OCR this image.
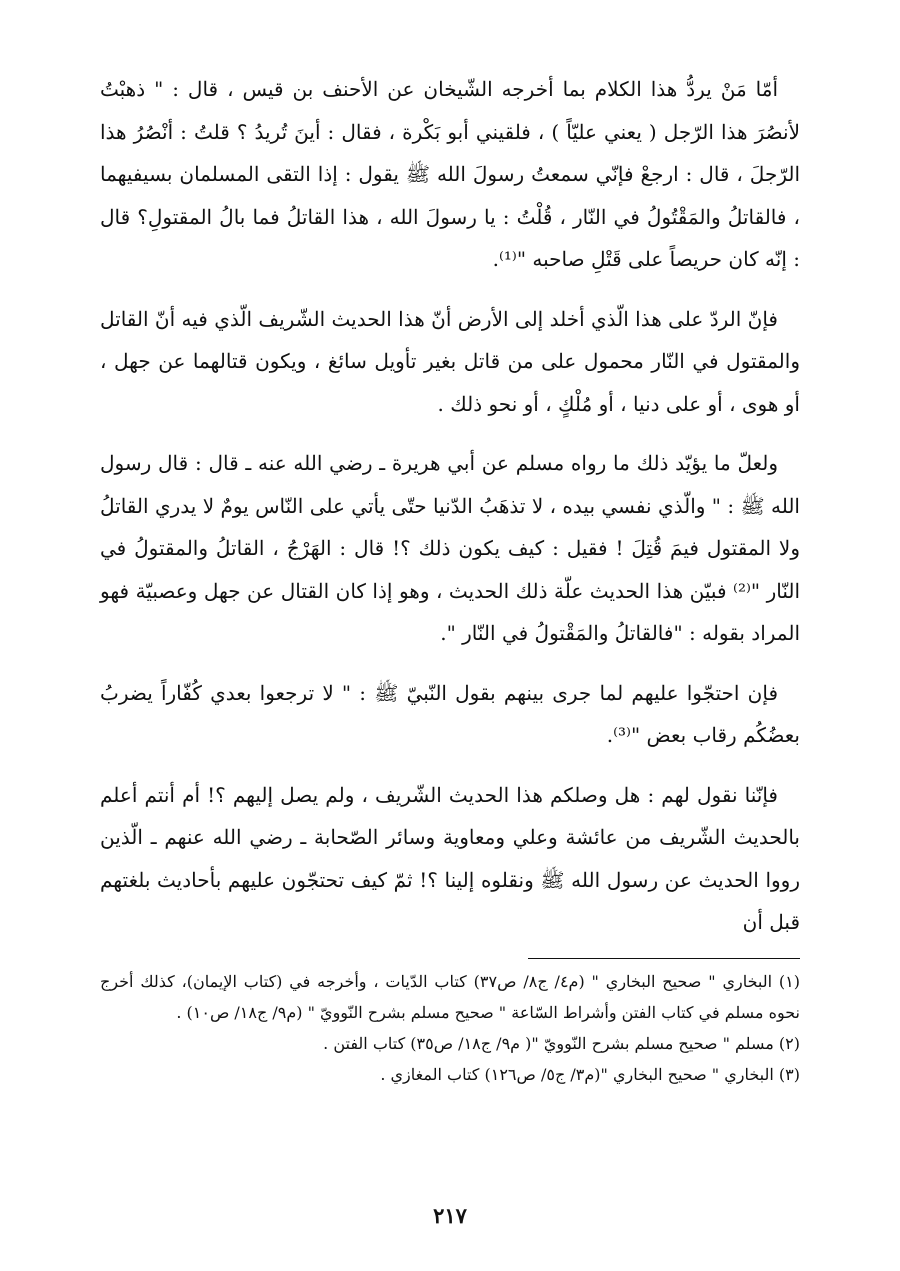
أمّا مَنْ يردُّ هذا الكلام بما أخرجه الشّيخان عن الأحنف بن قيس ، قال : " ذهبْتُ لأنصُرَ هذا الرّجل ( يعني عليّاً ) ، فلقيني أبو بَكْرة ، فقال : أينَ تُريدُ ؟ قلتُ : أنْصُرُ هذا الرّجلَ ، قال : ارجعْ فإنّي سمعتُ رسولَ الله ﷺ يقول : إذا التقى المسلمان بسيفيهما ، فالقاتلُ والمَقْتُولُ في النّار ، قُلْتُ : يا رسولَ الله ، هذا القاتلُ فما بالُ المقتولِ؟ قال : إنّه كان حريصاً على قَتْلِ صاحبه "⁽¹⁾.

فإنّ الردّ على هذا الّذي أخلد إلى الأرض أنّ هذا الحديث الشّريف الّذي فيه أنّ القاتل والمقتول في النّار محمول على من قاتل بغير تأويل سائغ ، ويكون قتالهما عن جهل ، أو هوى ، أو على دنيا ، أو مُلْكٍ ، أو نحو ذلك .

ولعلّ ما يؤيّد ذلك ما رواه مسلم عن أبي هريرة ـ رضي الله عنه ـ قال : قال رسول الله ﷺ : " والّذي نفسي بيده ، لا تذهَبُ الدّنيا حتّى يأتي على النّاس يومٌ لا يدري القاتلُ ولا المقتول فيمَ قُتِلَ ! فقيل : كيف يكون ذلك ؟! قال : الهَرْجُ ، القاتلُ والمقتولُ في النّار "⁽²⁾ فبيّن هذا الحديث علّة ذلك الحديث ، وهو إذا كان القتال عن جهل وعصبيّة فهو المراد بقوله : "فالقاتلُ والمَقْتولُ في النّار ".

فإن احتجّوا عليهم لما جرى بينهم بقول النّبيّ ﷺ : " لا ترجعوا بعدي كُفّاراً يضربُ بعضُكُم رقاب بعض "⁽³⁾.

فإنّنا نقول لهم : هل وصلكم هذا الحديث الشّريف ، ولم يصل إليهم ؟! أم أنتم أعلم بالحديث الشّريف من عائشة وعلي ومعاوية وسائر الصّحابة ـ رضي الله عنهم ـ الّذين رووا الحديث عن رسول الله ﷺ ونقلوه إلينا ؟! ثمّ كيف تحتجّون عليهم بأحاديث بلغتهم قبل أن

(١) البخاري " صحيح البخاري " (م٤/ ج٨/ ص٣٧) كتاب الدّيات ، وأخرجه في (كتاب الإيمان)، كذلك أخرج نحوه مسلم في كتاب الفتن وأشراط السّاعة " صحيح مسلم بشرح النّوويّ " (م٩/ ج١٨/ ص١٠) .

(٢) مسلم " صحيح مسلم بشرح النّوويّ "( م٩/ ج١٨/ ص٣٥) كتاب الفتن .

(٣) البخاري " صحيح البخاري "(م٣/ ج٥/ ص١٢٦) كتاب المغازي .

٢١٧
